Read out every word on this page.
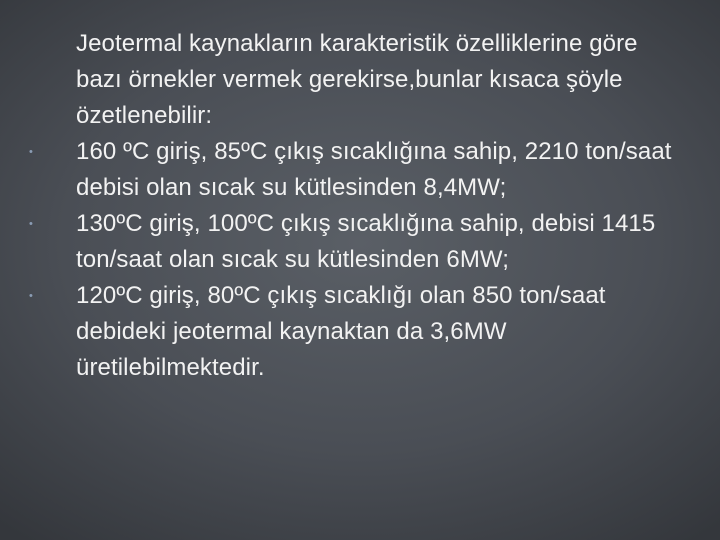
Jeotermal kaynakların karakteristik özelliklerine göre bazı örnekler vermek gerekirse,bunlar kısaca şöyle özetlenebilir:

• 160 ºC giriş, 85ºC çıkış sıcaklığına sahip, 2210 ton/saat debisi olan sıcak su kütlesinden 8,4MW;

• 130ºC giriş, 100ºC çıkış sıcaklığına sahip, debisi 1415 ton/saat olan sıcak su kütlesinden 6MW;

• 120ºC giriş, 80ºC çıkış sıcaklığı olan 850 ton/saat debideki jeotermal kaynaktan da 3,6MW üretilebilmektedir.
